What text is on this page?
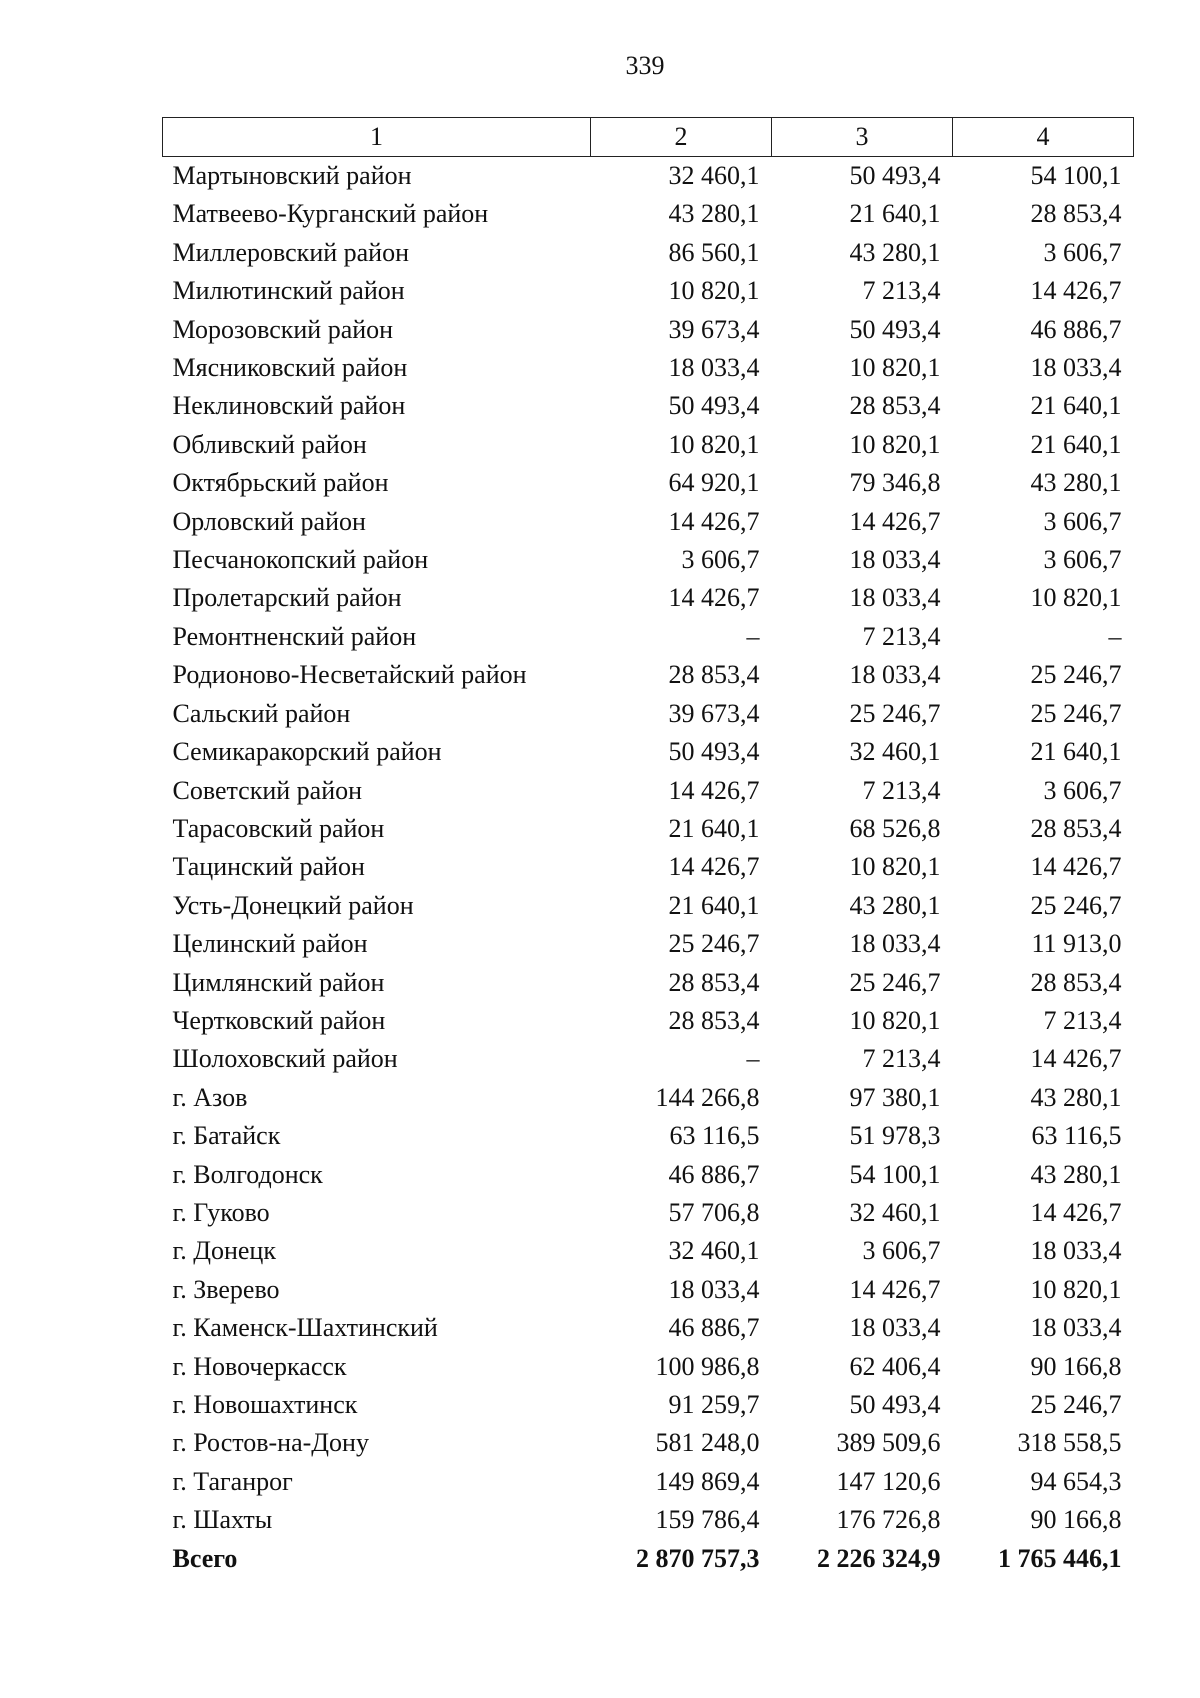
339
1	2	3	4
Мартыновский район	32 460,1	50 493,4	54 100,1
Матвеево-Курганский район	43 280,1	21 640,1	28 853,4
Миллеровский район	86 560,1	43 280,1	3 606,7
Милютинский район	10 820,1	7 213,4	14 426,7
Морозовский район	39 673,4	50 493,4	46 886,7
Мясниковский район	18 033,4	10 820,1	18 033,4
Неклиновский район	50 493,4	28 853,4	21 640,1
Обливский район	10 820,1	10 820,1	21 640,1
Октябрьский район	64 920,1	79 346,8	43 280,1
Орловский район	14 426,7	14 426,7	3 606,7
Песчанокопский район	3 606,7	18 033,4	3 606,7
Пролетарский район	14 426,7	18 033,4	10 820,1
Ремонтненский район	–	7 213,4	–
Родионово-Несветайский район	28 853,4	18 033,4	25 246,7
Сальский район	39 673,4	25 246,7	25 246,7
Семикаракорский район	50 493,4	32 460,1	21 640,1
Советский район	14 426,7	7 213,4	3 606,7
Тарасовский район	21 640,1	68 526,8	28 853,4
Тацинский район	14 426,7	10 820,1	14 426,7
Усть-Донецкий район	21 640,1	43 280,1	25 246,7
Целинский район	25 246,7	18 033,4	11 913,0
Цимлянский район	28 853,4	25 246,7	28 853,4
Чертковский район	28 853,4	10 820,1	7 213,4
Шолоховский район	–	7 213,4	14 426,7
г. Азов	144 266,8	97 380,1	43 280,1
г. Батайск	63 116,5	51 978,3	63 116,5
г. Волгодонск	46 886,7	54 100,1	43 280,1
г. Гуково	57 706,8	32 460,1	14 426,7
г. Донецк	32 460,1	3 606,7	18 033,4
г. Зверево	18 033,4	14 426,7	10 820,1
г. Каменск-Шахтинский	46 886,7	18 033,4	18 033,4
г. Новочеркасск	100 986,8	62 406,4	90 166,8
г. Новошахтинск	91 259,7	50 493,4	25 246,7
г. Ростов-на-Дону	581 248,0	389 509,6	318 558,5
г. Таганрог	149 869,4	147 120,6	94 654,3
г. Шахты	159 786,4	176 726,8	90 166,8
Всего	2 870 757,3	2 226 324,9	1 765 446,1
